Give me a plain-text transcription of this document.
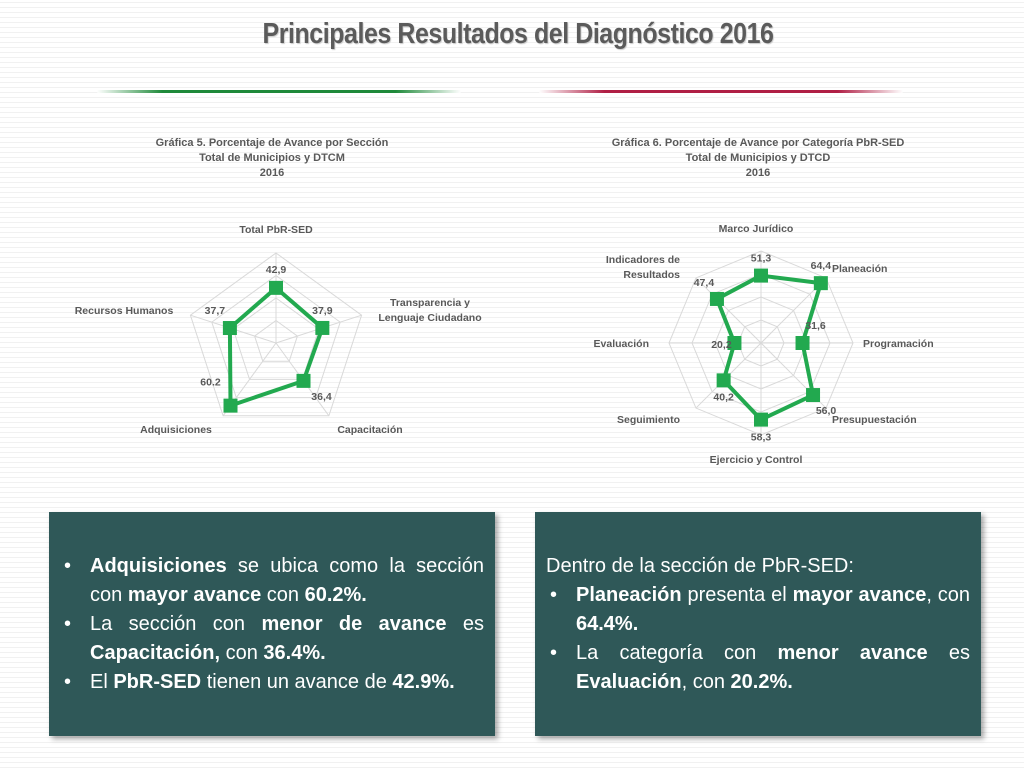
Principales Resultados del Diagnóstico 2016
Gráfica 5. Porcentaje de Avance por Sección
Total de Municipios y DTCM
2016
42,9
37,9
36,4
60.2
37,7
Total PbR-SED
Transparencia y Lenguaje Ciudadano
Capacitación
Adquisiciones
Recursos Humanos
Gráfica 6. Porcentaje de Avance por Categoría PbR-SED
Total de Municipios y DTCD
2016
51,3
64,4
31,6
56,0
58,3
40,2
20,2
47,4
Marco Jurídico
Planeación
Programación
Presupuestación
Ejercicio y Control
Seguimiento
Evaluación
Indicadores de Resultados
• Adquisiciones se ubica como la sección con mayor avance con 60.2%.
• La sección con menor de avance es Capacitación, con 36.4%.
• El PbR-SED tienen un avance de 42.9%.
Dentro de la sección de PbR-SED:
• Planeación presenta el mayor avance, con 64.4%.
• La categoría con menor avance es Evaluación, con 20.2%.
